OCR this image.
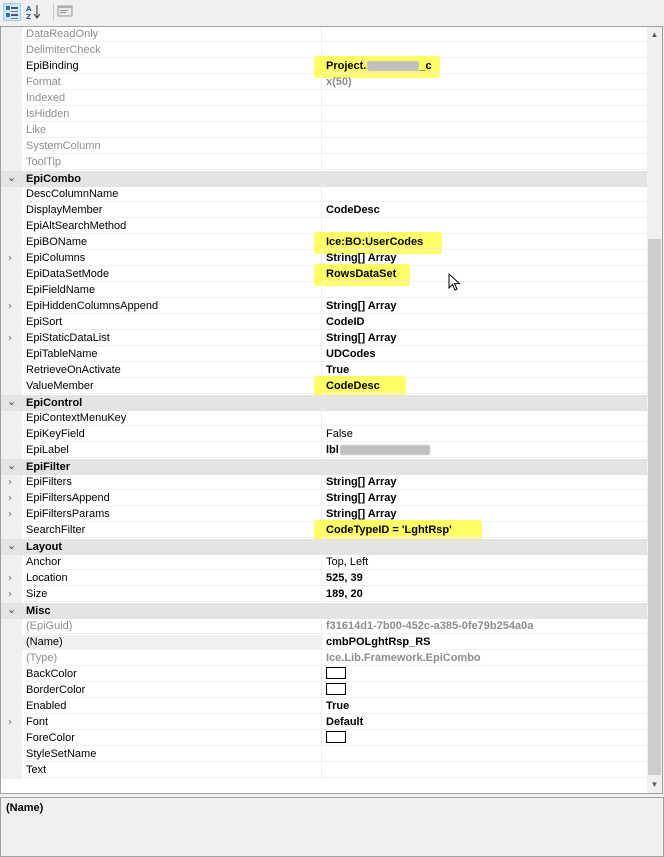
A
Z
DataReadOnly
DelimiterCheck
EpiBinding	Project.	_c
Format	x(50)
Indexed
IsHidden
Like
SystemColumn
ToolTip
⌄ EpiCombo
DescColumnName
DisplayMember	CodeDesc
EpiAltSearchMethod
EpiBOName	Ice:BO:UserCodes
›	EpiColumns	String[] Array
EpiDataSetMode	RowsDataSet
EpiFieldName
›	EpiHiddenColumnsAppend	String[] Array
EpiSort	CodeID
›	EpiStaticDataList	String[] Array
EpiTableName	UDCodes
RetrieveOnActivate	True
ValueMember	CodeDesc
⌄ EpiControl
EpiContextMenuKey
EpiKeyField	False
EpiLabel	lbl
⌄ EpiFilter
›	EpiFilters	String[] Array
›	EpiFiltersAppend	String[] Array
›	EpiFiltersParams	String[] Array
SearchFilter	CodeTypeID = 'LghtRsp'
⌄ Layout
Anchor	Top, Left
›	Location	525, 39
›	Size	189, 20
⌄ Misc
(EpiGuid)	f31614d1-7b00-452c-a385-0fe79b254a0a
(Name)	cmbPOLghtRsp_RS
(Type)	Ice.Lib.Framework.EpiCombo
BackColor
BorderColor
Enabled	True
›	Font	Default
ForeColor
StyleSetName
Text
▲
▼
(Name)
